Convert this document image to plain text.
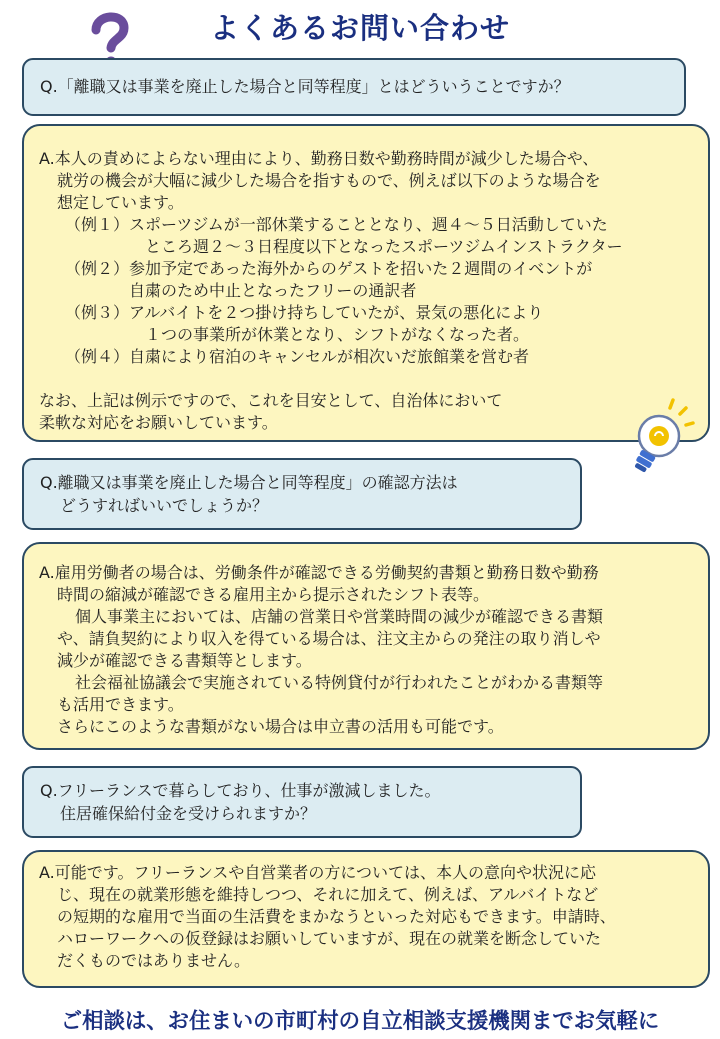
よくあるお問い合わせ
Q.「離職又は事業を廃止した場合と同等程度」とはどういうことですか？
A.本人の責めによらない理由により、勤務日数や勤務時間が減少した場合や、
就労の機会が大幅に減少した場合を指すもので、例えば以下のような場合を
想定しています。
（例１） スポーツジムが一部休業することとなり、週４～５日活動していた
ところ週２～３日程度以下となったスポーツジムインストラクター
（例２） 参加予定であった海外からのゲストを招いた２週間のイベントが
自粛のため中止となったフリーの通訳者
（例３） アルバイトを２つ掛け持ちしていたが、景気の悪化により
１つの事業所が休業となり、シフトがなくなった者。
（例４） 自粛により宿泊のキャンセルが相次いだ旅館業を営む者
なお、上記は例示ですので、これを目安として、自治体において
柔軟な対応をお願いしています。
Q.離職又は事業を廃止した場合と同等程度」の確認方法は
どうすればいいでしょうか？
A.雇用労働者の場合は、労働条件が確認できる労働契約書類と勤務日数や勤務
時間の縮減が確認できる雇用主から提示されたシフト表等。
個人事業主においては、店舗の営業日や営業時間の減少が確認できる書類
や、請負契約により収入を得ている場合は、注文主からの発注の取り消しや
減少が確認できる書類等とします。
社会福祉協議会で実施されている特例貸付が行われたことがわかる書類等
も活用できます。
さらにこのような書類がない場合は申立書の活用も可能です。
Q.フリーランスで暮らしており、仕事が激減しました。
住居確保給付金を受けられますか？
A.可能です。フリーランスや自営業者の方については、本人の意向や状況に応
じ、現在の就業形態を維持しつつ、それに加えて、例えば、アルバイトなど
の短期的な雇用で当面の生活費をまかなうといった対応もできます。申請時、
ハローワークへの仮登録はお願いしていますが、現在の就業を断念していた
だくものではありません。

ご相談は、お住まいの市町村の自立相談支援機関までお気軽に
